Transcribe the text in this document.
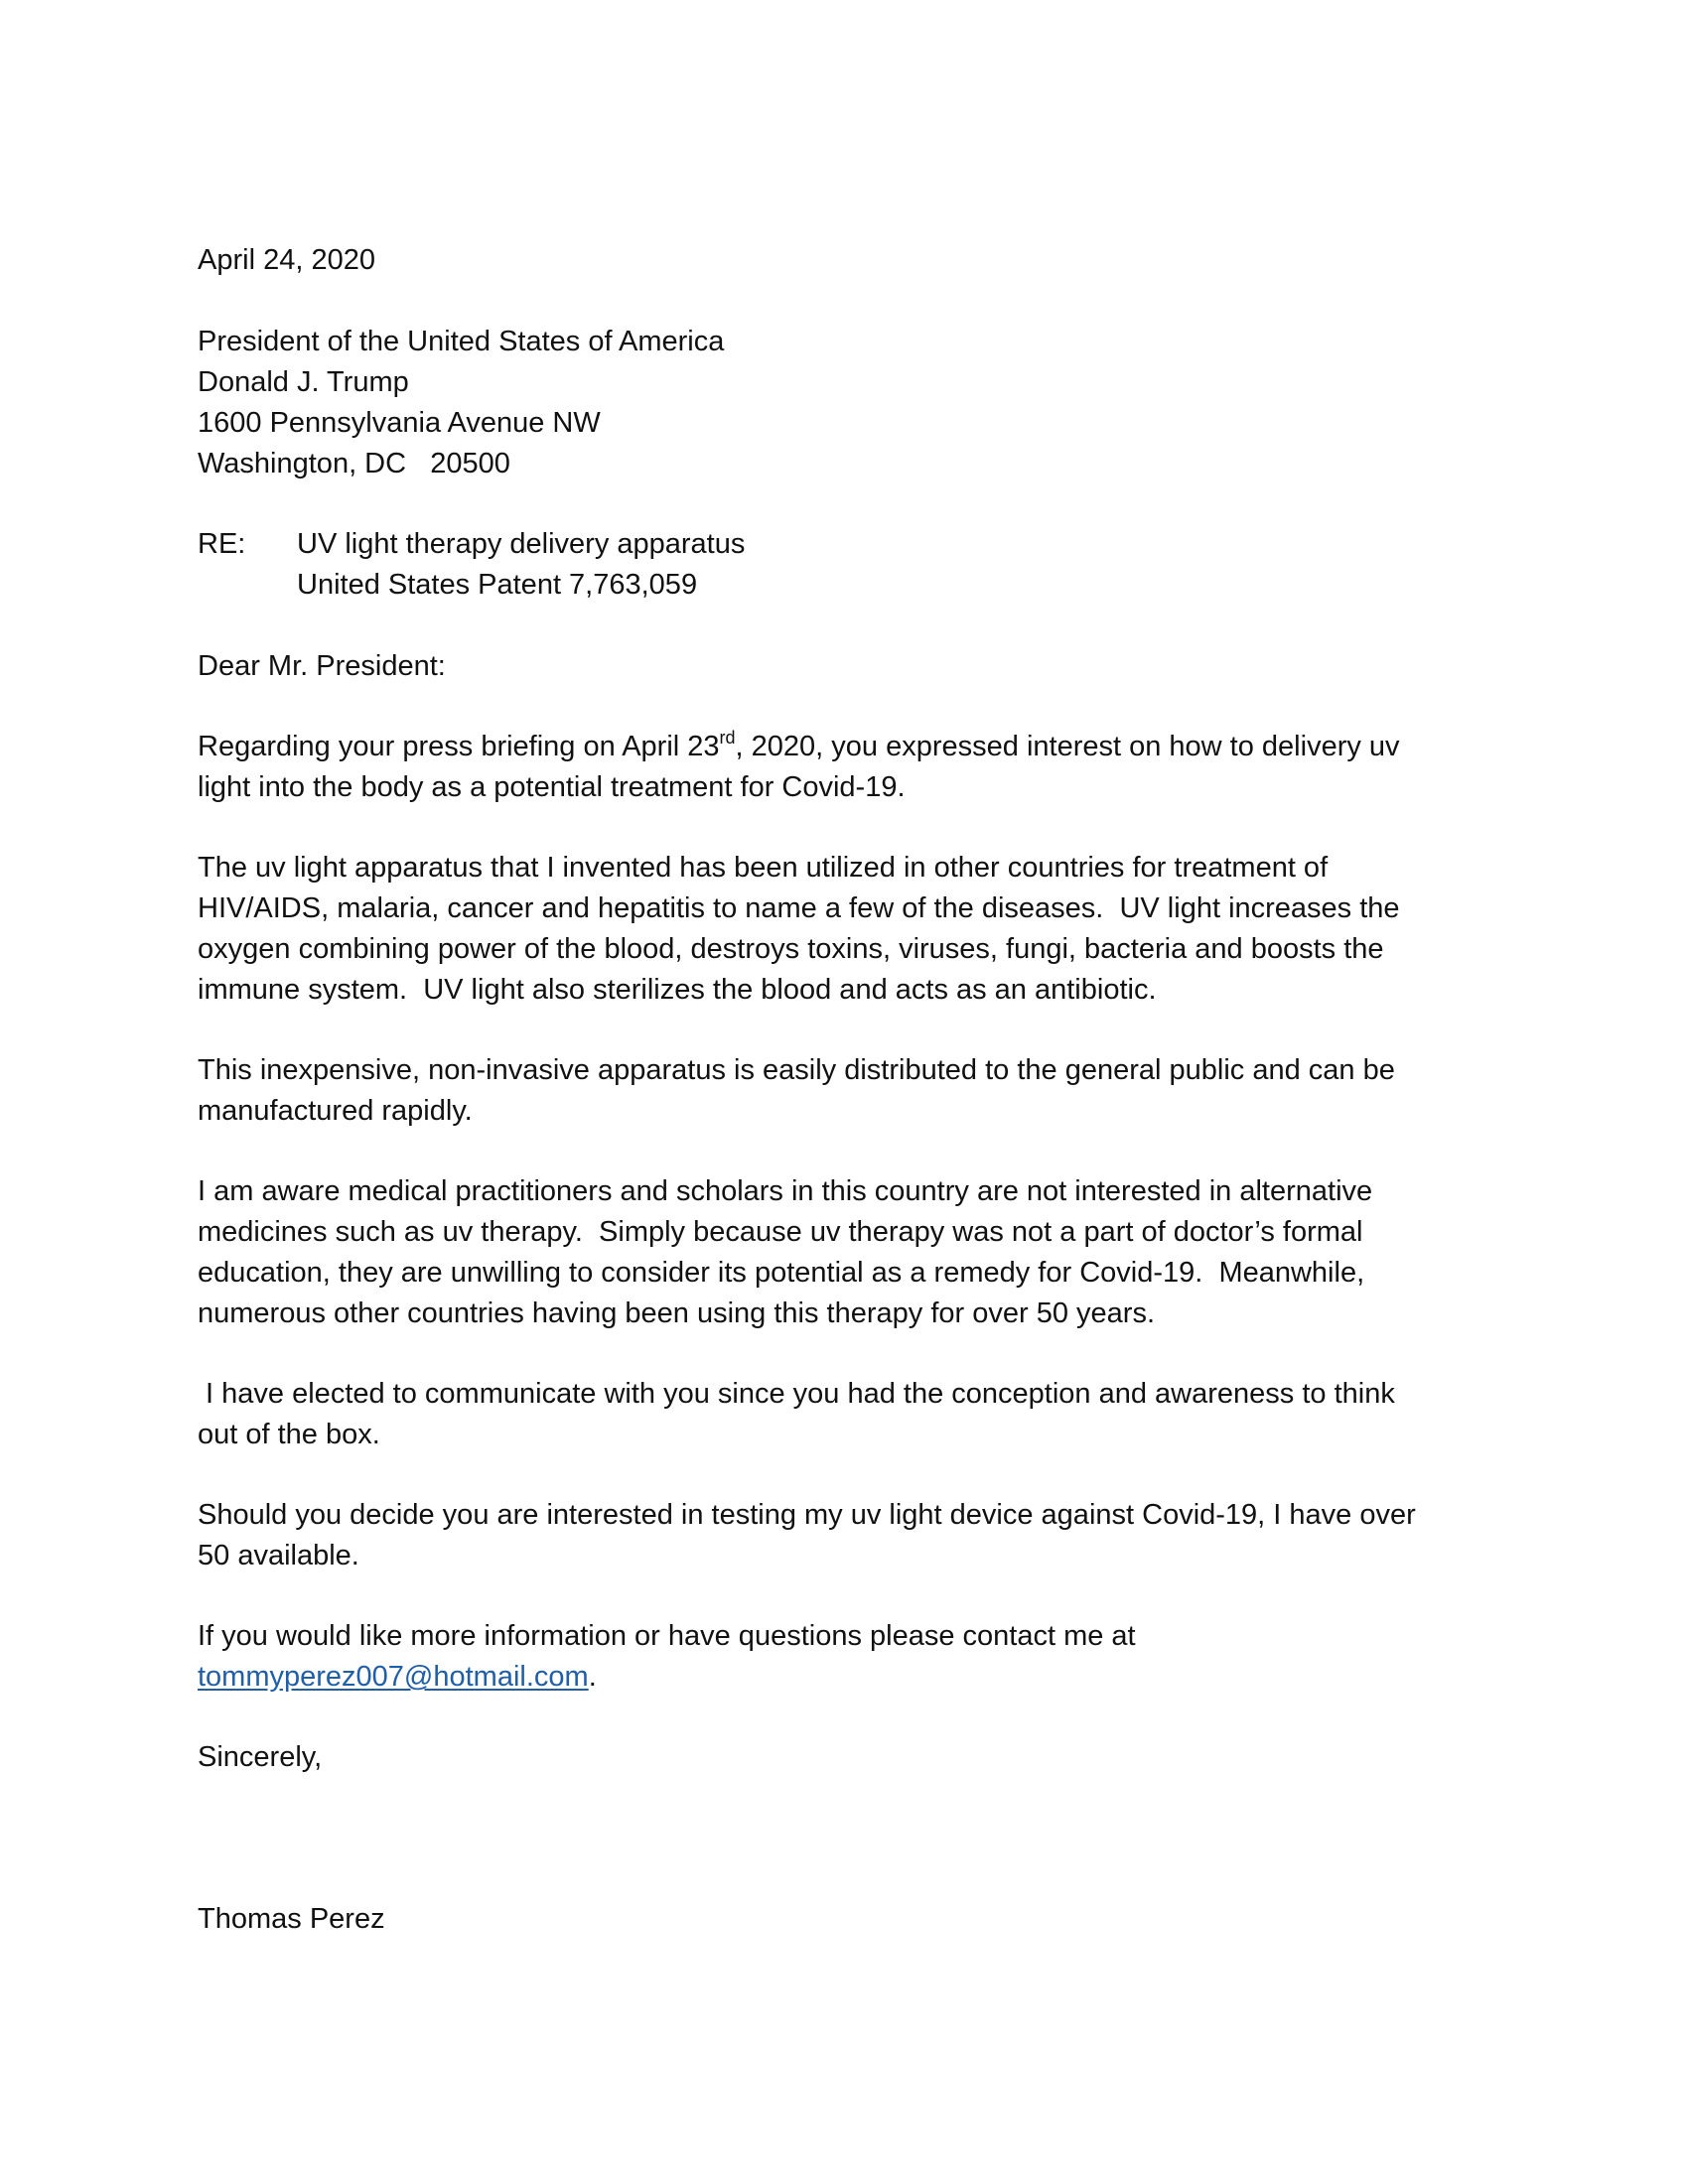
April 24, 2020
President of the United States of America
Donald J. Trump
1600 Pennsylvania Avenue NW
Washington, DC   20500
RE: UV light therapy delivery apparatus
United States Patent 7,763,059
Dear Mr. President:
Regarding your press briefing on April 23rd, 2020, you expressed interest on how to delivery uv
light into the body as a potential treatment for Covid-19.
The uv light apparatus that I invented has been utilized in other countries for treatment of
HIV/AIDS, malaria, cancer and hepatitis to name a few of the diseases.  UV light increases the
oxygen combining power of the blood, destroys toxins, viruses, fungi, bacteria and boosts the
immune system.  UV light also sterilizes the blood and acts as an antibiotic.
This inexpensive, non-invasive apparatus is easily distributed to the general public and can be
manufactured rapidly.
I am aware medical practitioners and scholars in this country are not interested in alternative
medicines such as uv therapy.  Simply because uv therapy was not a part of doctor’s formal
education, they are unwilling to consider its potential as a remedy for Covid-19.  Meanwhile,
numerous other countries having been using this therapy for over 50 years.
I have elected to communicate with you since you had the conception and awareness to think
out of the box.
Should you decide you are interested in testing my uv light device against Covid-19, I have over
50 available.
If you would like more information or have questions please contact me at
tommyperez007@hotmail.com.
Sincerely,
Thomas Perez
